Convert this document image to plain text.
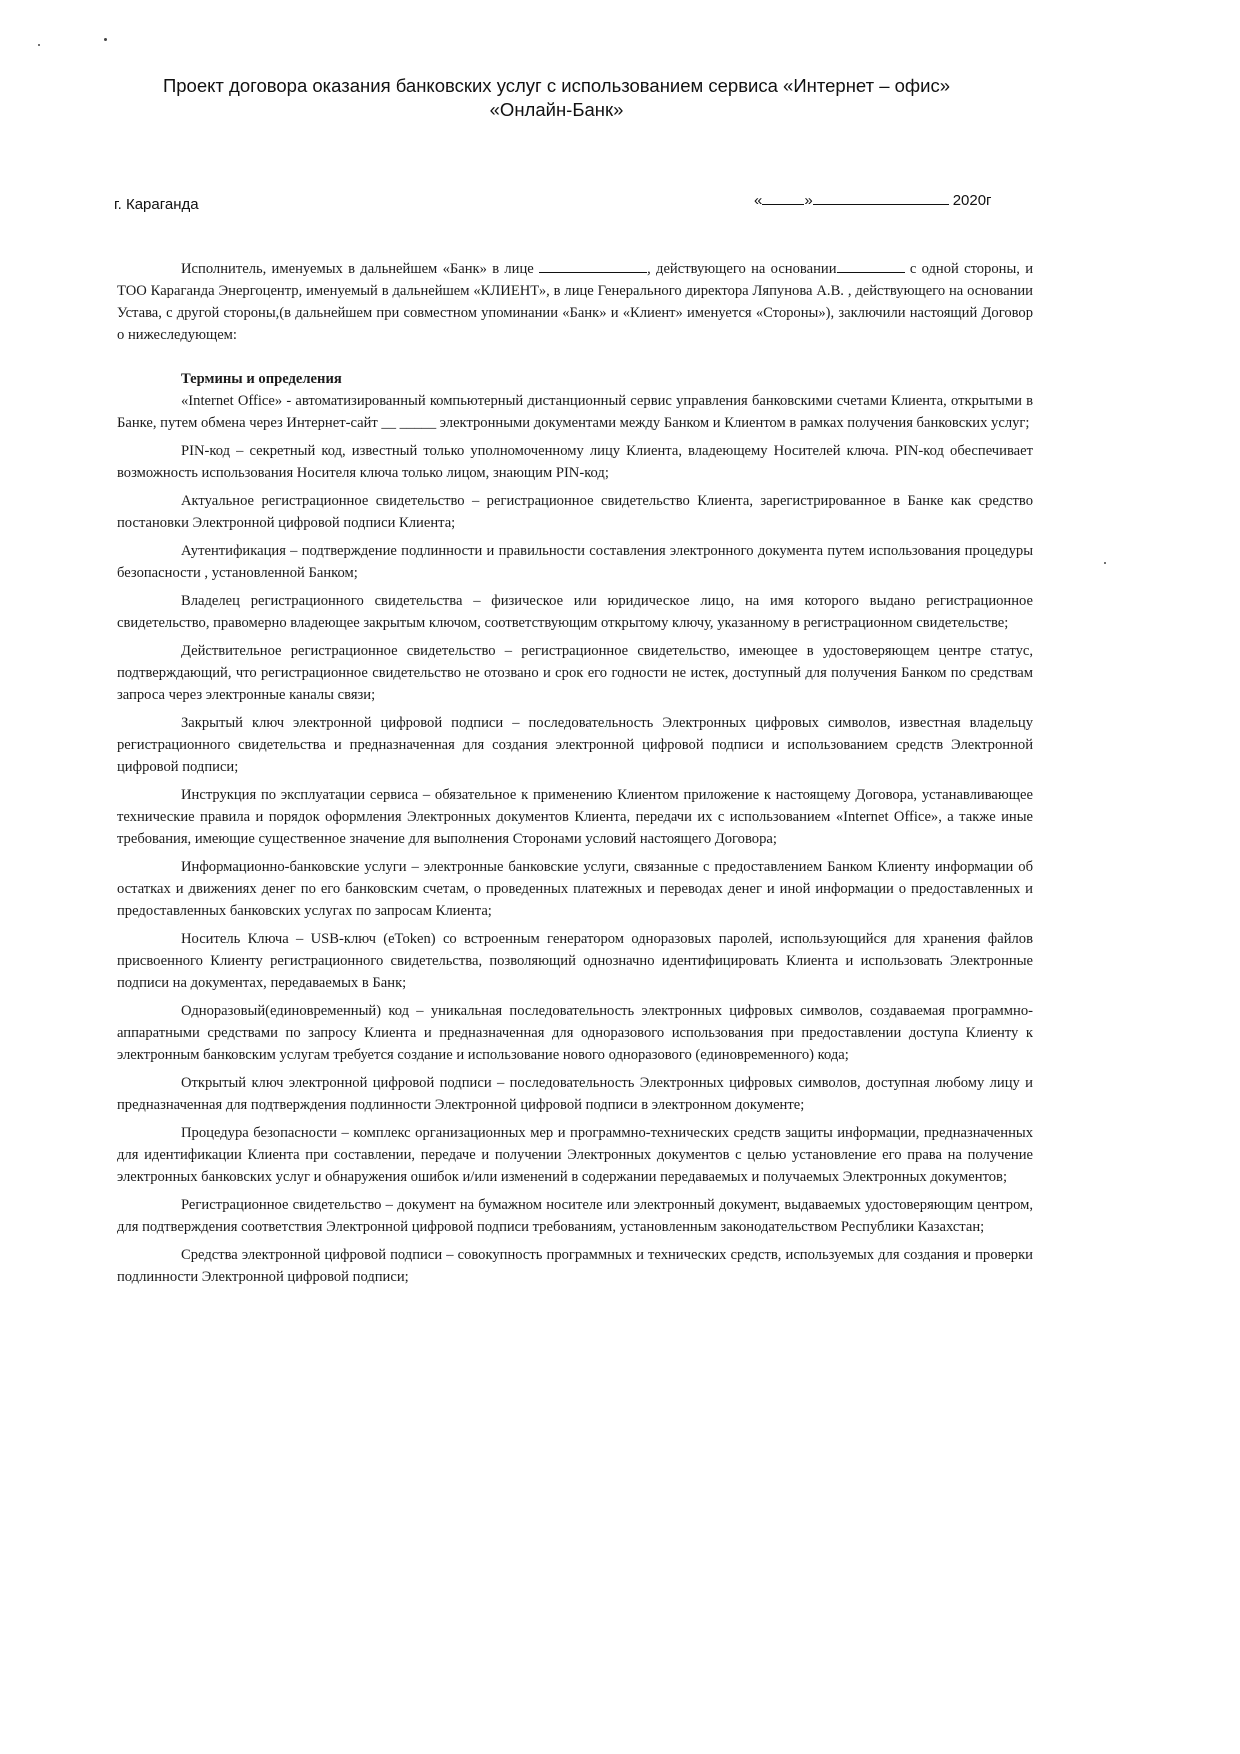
Проект договора оказания банковских услуг с использованием сервиса «Интернет – офис»
«Онлайн-Банк»
г. Караганда	«	»	2020г

Исполнитель, именуемых в дальнейшем «Банк» в лице	, действующего на основании	с одной стороны, и ТОО Караганда Энергоцентр, именуемый в дальнейшем «КЛИЕНТ», в лице Генерального директора Ляпунова А.В. , действующего на основании Устава, с другой стороны,(в дальнейшем при совместном упоминании «Банк» и «Клиент» именуется «Стороны»), заключили настоящий Договор о нижеследующем:

Термины и определения

«Internet Office» - автоматизированный компьютерный дистанционный сервис управления банковскими счетами Клиента, открытыми в Банке, путем обмена через Интернет-сайт __ _____ электронными документами между Банком и Клиентом в рамках получения банковских услуг;

PIN-код – секретный код, известный только уполномоченному лицу Клиента, владеющему Носителей ключа. PIN-код обеспечивает возможность использования Носителя ключа только лицом, знающим PIN-код;

Актуальное регистрационное свидетельство – регистрационное свидетельство Клиента, зарегистрированное в Банке как средство постановки Электронной цифровой подписи Клиента;

Аутентификация – подтверждение подлинности и правильности составления электронного документа путем использования процедуры безопасности , установленной Банком;

Владелец регистрационного свидетельства – физическое или юридическое лицо, на имя которого выдано регистрационное свидетельство, правомерно владеющее закрытым ключом, соответствующим открытому ключу, указанному в регистрационном свидетельстве;

Действительное регистрационное свидетельство – регистрационное свидетельство, имеющее в удостоверяющем центре статус, подтверждающий, что регистрационное свидетельство не отозвано и срок его годности не истек, доступный для получения Банком по средствам запроса через электронные каналы связи;

Закрытый ключ электронной цифровой подписи – последовательность Электронных цифровых символов, известная владельцу регистрационного свидетельства и предназначенная для создания электронной цифровой подписи и использованием средств Электронной цифровой подписи;

Инструкция по эксплуатации сервиса – обязательное к применению Клиентом приложение к настоящему Договора, устанавливающее технические правила и порядок оформления Электронных документов Клиента, передачи их с использованием «Internet Office», а также иные требования, имеющие существенное значение для выполнения Сторонами условий настоящего Договора;

Информационно-банковские услуги – электронные банковские услуги, связанные с предоставлением Банком Клиенту информации об остатках и движениях денег по его банковским счетам, о проведенных платежных и переводах денег и иной информации о предоставленных и предоставленных банковских услугах по запросам Клиента;

Носитель Ключа – USB-ключ (eToken) со встроенным генератором одноразовых паролей, использующийся для хранения файлов присвоенного Клиенту регистрационного свидетельства, позволяющий однозначно идентифицировать Клиента и использовать Электронные подписи на документах, передаваемых в Банк;

Одноразовый(единовременный) код – уникальная последовательность электронных цифровых символов, создаваемая программно-аппаратными средствами по запросу Клиента и предназначенная для одноразового использования при предоставлении доступа Клиенту к электронным банковским услугам требуется создание и использование нового одноразового (единовременного) кода;

Открытый ключ электронной цифровой подписи – последовательность Электронных цифровых символов, доступная любому лицу и предназначенная для подтверждения подлинности Электронной цифровой подписи в электронном документе;

Процедура безопасности – комплекс организационных мер и программно-технических средств защиты информации, предназначенных для идентификации Клиента при составлении, передаче и получении Электронных документов с целью установление его права на получение электронных банковских услуг и обнаружения ошибок и/или изменений в содержании передаваемых и получаемых Электронных документов;

Регистрационное свидетельство – документ на бумажном носителе или электронный документ, выдаваемых удостоверяющим центром, для подтверждения соответствия Электронной цифровой подписи требованиям, установленным законодательством Республики Казахстан;

Средства электронной цифровой подписи – совокупность программных и технических средств, используемых для создания и проверки подлинности Электронной цифровой подписи;
